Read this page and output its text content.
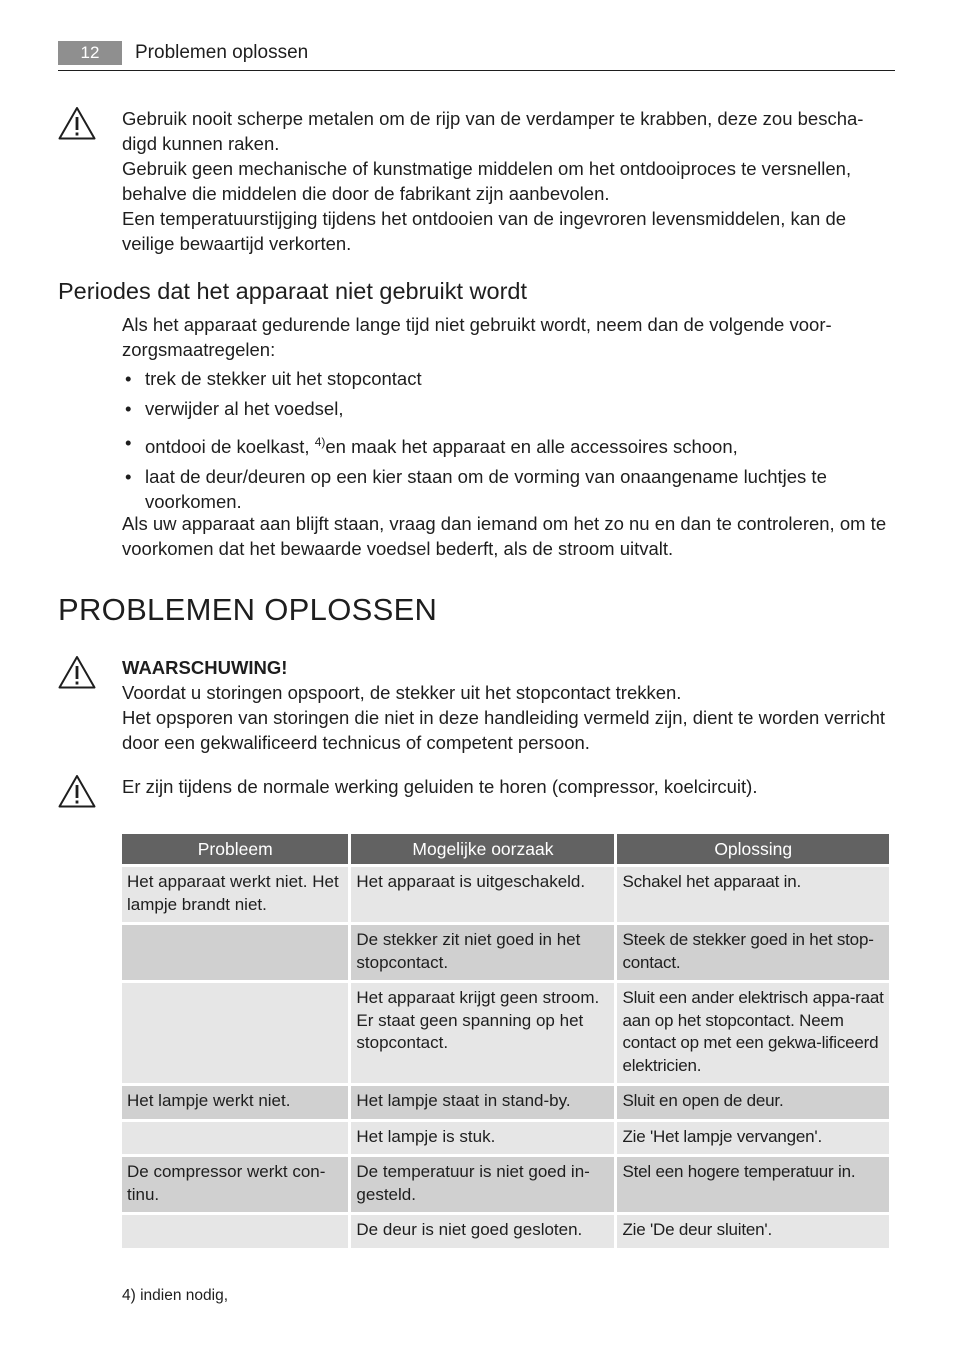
12	Problemen oplossen

Gebruik nooit scherpe metalen om de rijp van de verdamper te krabben, deze zou bescha-digd kunnen raken.

Gebruik geen mechanische of kunstmatige middelen om het ontdooiproces te versnellen, behalve die middelen die door de fabrikant zijn aanbevolen.

Een temperatuurstijging tijdens het ontdooien van de ingevroren levensmiddelen, kan de veilige bewaartijd verkorten.

Periodes dat het apparaat niet gebruikt wordt

Als het apparaat gedurende lange tijd niet gebruikt wordt, neem dan de volgende voor-zorgsmaatregelen:

• trek de stekker uit het stopcontact
• verwijder al het voedsel,
• ontdooi de koelkast, $^{4)}$en maak het apparaat en alle accessoires schoon,
• laat de deur/deuren op een kier staan om de vorming van onaangename luchtjes te voorkomen.

Als uw apparaat aan blijft staan, vraag dan iemand om het zo nu en dan te controleren, om te voorkomen dat het bewaarde voedsel bederft, als de stroom uitvalt.

PROBLEMEN OPLOSSEN

WAARSCHUWING!

Voordat u storingen opspoort, de stekker uit het stopcontact trekken.

Het opsporen van storingen die niet in deze handleiding vermeld zijn, dient te worden verricht door een gekwalificeerd technicus of competent persoon.

Er zijn tijdens de normale werking geluiden te horen (compressor, koelcircuit).

Probleem	Mogelijke oorzaak	Oplossing
Het apparaat werkt niet. Het lampje brandt niet.	Het apparaat is uitgeschakeld.	Schakel het apparaat in.
	De stekker zit niet goed in het stopcontact.	Steek de stekker goed in het stop-contact.
	Het apparaat krijgt geen stroom. Er staat geen spanning op het stopcontact.	Sluit een ander elektrisch appa-raat aan op het stopcontact. Neem contact op met een gekwa-lificeerd elektricien.
Het lampje werkt niet.	Het lampje staat in stand-by.	Sluit en open de deur.
	Het lampje is stuk.	Zie 'Het lampje vervangen'.
De compressor werkt con-tinu.	De temperatuur is niet goed in-gesteld.	Stel een hogere temperatuur in.
	De deur is niet goed gesloten.	Zie 'De deur sluiten'.
4) indien nodig,
